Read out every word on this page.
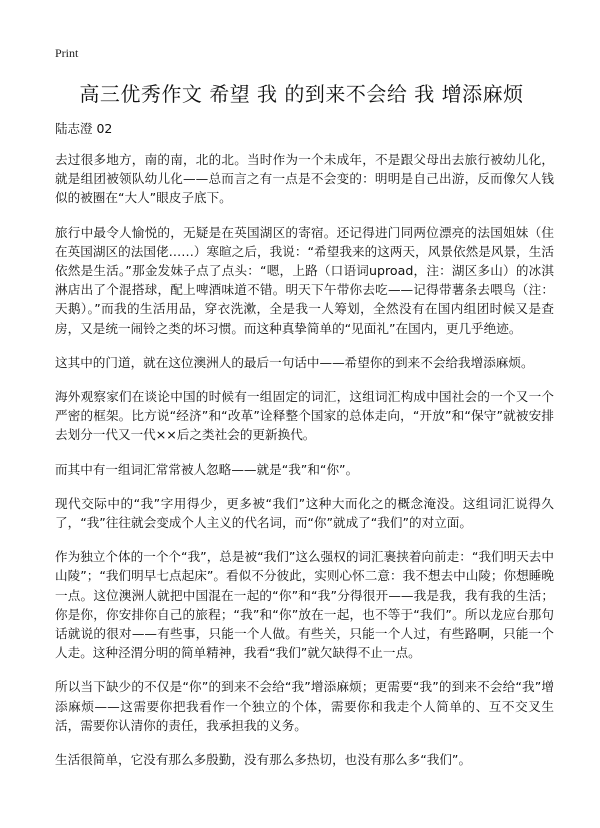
Print
高三优秀作文 希望 我 的到来不会给 我 增添麻烦
陆志澄 02

去过很多地方，南的南，北的北。当时作为一个未成年，不是跟父母出去旅行被幼儿化，就是组团被领队幼儿化——总而言之有一点是不会变的：明明是自己出游，反而像欠人钱似的被圈在“大人”眼皮子底下。

旅行中最令人愉悦的，无疑是在英国湖区的寄宿。还记得进门同两位漂亮的法国姐妹（住在英国湖区的法国佬……）寒暄之后，我说：“希望我来的这两天，风景依然是风景，生活依然是生活。”那金发妹子点了点头：“嗯，上路（口语词uproad，注：湖区多山）的冰淇淋店出了个混搭球，配上啤酒味道不错。明天下午带你去吃——记得带薯条去喂鸟（注：天鹅）。”而我的生活用品，穿衣洗漱，全是我一人筹划，全然没有在国内组团时候又是查房，又是统一闹铃之类的坏习惯。而这种真挚简单的“见面礼”在国内，更几乎绝迹。

这其中的门道，就在这位澳洲人的最后一句话中——希望你的到来不会给我增添麻烦。

海外观察家们在谈论中国的时候有一组固定的词汇，这组词汇构成中国社会的一个又一个严密的框架。比方说“经济”和“改革”诠释整个国家的总体走向，“开放”和“保守”就被安排去划分一代又一代××后之类社会的更新换代。

而其中有一组词汇常常被人忽略——就是“我”和“你”。

现代交际中的“我”字用得少，更多被“我们”这种大而化之的概念淹没。这组词汇说得久了，“我”往往就会变成个人主义的代名词，而“你”就成了“我们”的对立面。

作为独立个体的一个个“我”，总是被“我们”这么强权的词汇裹挟着向前走：“我们明天去中山陵”；“我们明早七点起床”。看似不分彼此，实则心怀二意：我不想去中山陵；你想睡晚一点。这位澳洲人就把中国混在一起的“你”和“我”分得很开——我是我，我有我的生活；你是你，你安排你自己的旅程；“我”和“你”放在一起，也不等于“我们”。所以龙应台那句话就说的很对——有些事，只能一个人做。有些关，只能一个人过，有些路啊，只能一个人走。这种泾渭分明的简单精神，我看“我们”就欠缺得不止一点。

所以当下缺少的不仅是“你”的到来不会给“我”增添麻烦；更需要“我”的到来不会给“我”增添麻烦——这需要你把我看作一个独立的个体，需要你和我走个人简单的、互不交叉生活，需要你认清你的责任，我承担我的义务。

生活很简单，它没有那么多殷勤，没有那么多热切，也没有那么多“我们”。
